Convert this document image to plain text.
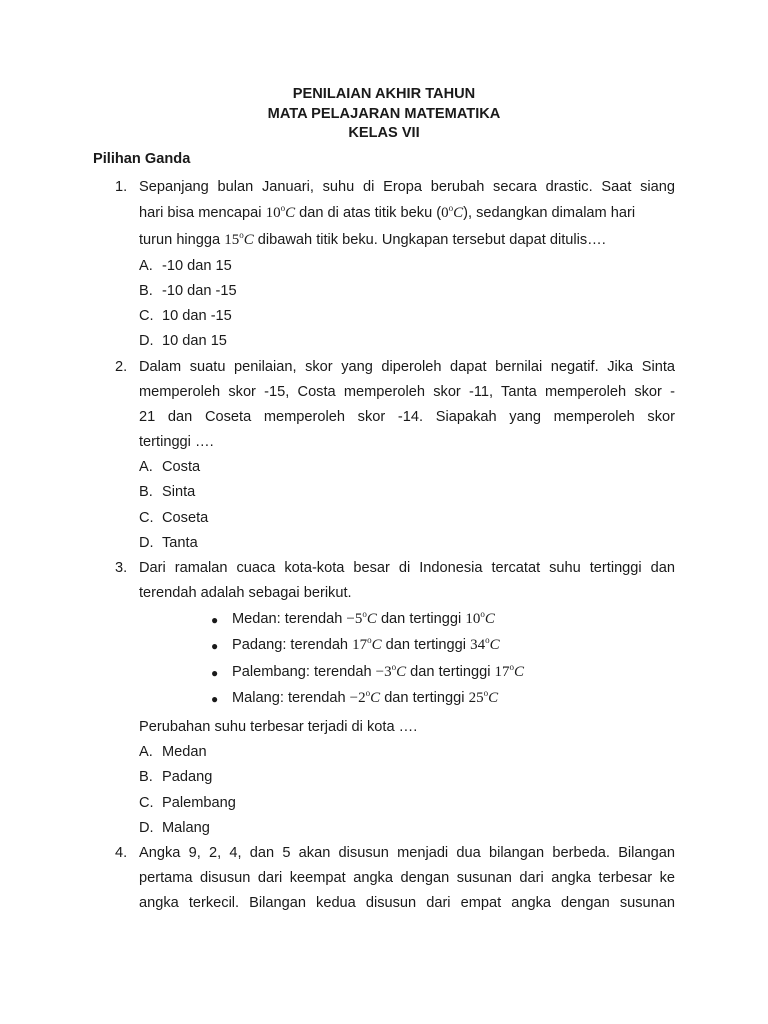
PENILAIAN AKHIR TAHUN
MATA PELAJARAN MATEMATIKA
KELAS VII
Pilihan Ganda
1. Sepanjang bulan Januari, suhu di Eropa berubah secara drastic. Saat siang
hari bisa mencapai 10$^o$C dan di atas titik beku (0$^o$C), sedangkan dimalam hari
turun hingga 15$^o$C dibawah titik beku. Ungkapan tersebut dapat ditulis….
A. -10 dan 15
B. -10 dan -15
C. 10 dan -15
D. 10 dan 15
2. Dalam suatu penilaian, skor yang diperoleh dapat bernilai negatif. Jika Sinta
memperoleh skor -15, Costa memperoleh skor -11, Tanta memperoleh skor -
21 dan Coseta memperoleh skor -14. Siapakah yang memperoleh skor
tertinggi ….
A. Costa
B. Sinta
C. Coseta
D. Tanta
3. Dari ramalan cuaca kota-kota besar di Indonesia tercatat suhu tertinggi dan
terendah adalah sebagai berikut.
● Medan: terendah $-5^oC$ dan tertinggi 10$^o$C
● Padang: terendah 17$^o$C dan tertinggi 34$^o$C
● Palembang: terendah $-3^oC$ dan tertinggi 17$^o$C
● Malang: terendah $-2^oC$ dan tertinggi 25$^o$C
Perubahan suhu terbesar terjadi di kota ….
A. Medan
B. Padang
C. Palembang
D. Malang
4. Angka 9, 2, 4, dan 5 akan disusun menjadi dua bilangan berbeda. Bilangan
pertama disusun dari keempat angka dengan susunan dari angka terbesar ke
angka terkecil. Bilangan kedua disusun dari empat angka dengan susunan
